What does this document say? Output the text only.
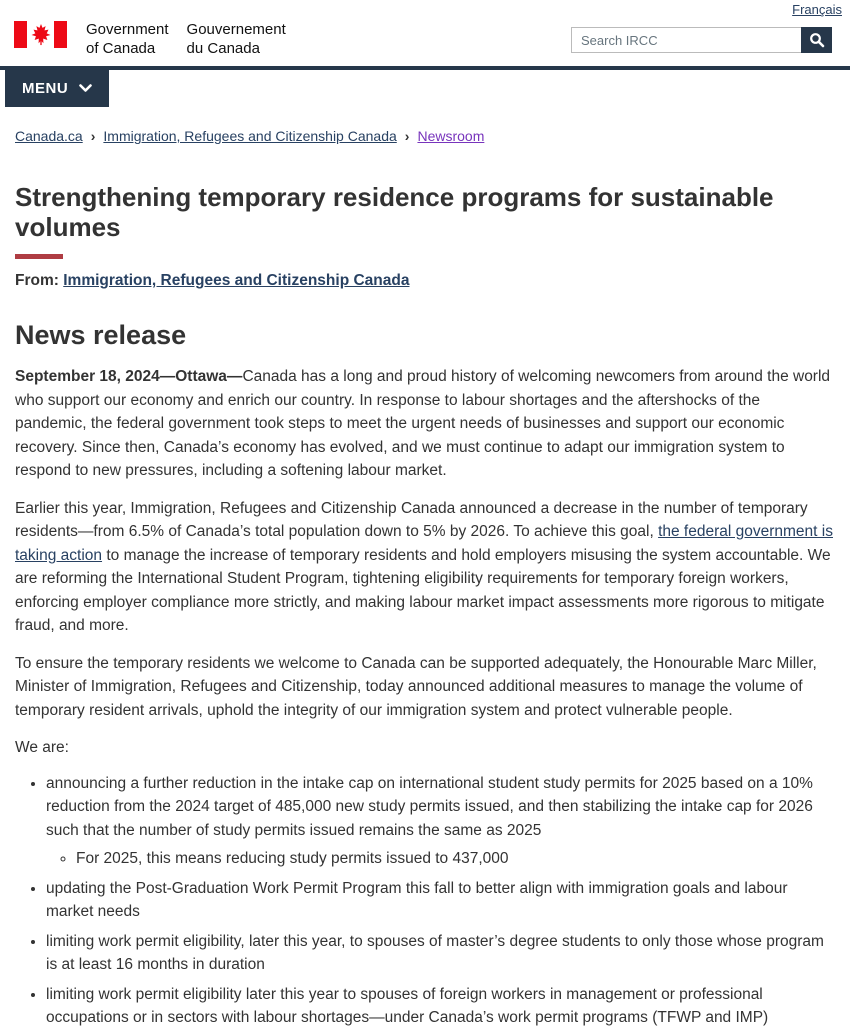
Français
Government
of Canada
Gouvernement
du Canada
Search IRCC
MENU
Canada.ca › Immigration, Refugees and Citizenship Canada › Newsroom
Strengthening temporary residence programs for sustainable volumes

From: Immigration, Refugees and Citizenship Canada

News release

September 18, 2024—Ottawa—Canada has a long and proud history of welcoming newcomers from around the world who support our economy and enrich our country. In response to labour shortages and the aftershocks of the pandemic, the federal government took steps to meet the urgent needs of businesses and support our economic recovery. Since then, Canada’s economy has evolved, and we must continue to adapt our immigration system to respond to new pressures, including a softening labour market.

Earlier this year, Immigration, Refugees and Citizenship Canada announced a decrease in the number of temporary residents—from 6.5% of Canada’s total population down to 5% by 2026. To achieve this goal, the federal government is taking action to manage the increase of temporary residents and hold employers misusing the system accountable. We are reforming the International Student Program, tightening eligibility requirements for temporary foreign workers, enforcing employer compliance more strictly, and making labour market impact assessments more rigorous to mitigate fraud, and more.

To ensure the temporary residents we welcome to Canada can be supported adequately, the Honourable Marc Miller, Minister of Immigration, Refugees and Citizenship, today announced additional measures to manage the volume of temporary resident arrivals, uphold the integrity of our immigration system and protect vulnerable people.

We are:

• announcing a further reduction in the intake cap on international student study permits for 2025 based on a 10% reduction from the 2024 target of 485,000 new study permits issued, and then stabilizing the intake cap for 2026 such that the number of study permits issued remains the same as 2025
◦ For 2025, this means reducing study permits issued to 437,000
• updating the Post-Graduation Work Permit Program this fall to better align with immigration goals and labour market needs
• limiting work permit eligibility, later this year, to spouses of master’s degree students to only those whose program is at least 16 months in duration
• limiting work permit eligibility later this year to spouses of foreign workers in management or professional occupations or in sectors with labour shortages—under Canada’s work permit programs (TFWP and IMP)
